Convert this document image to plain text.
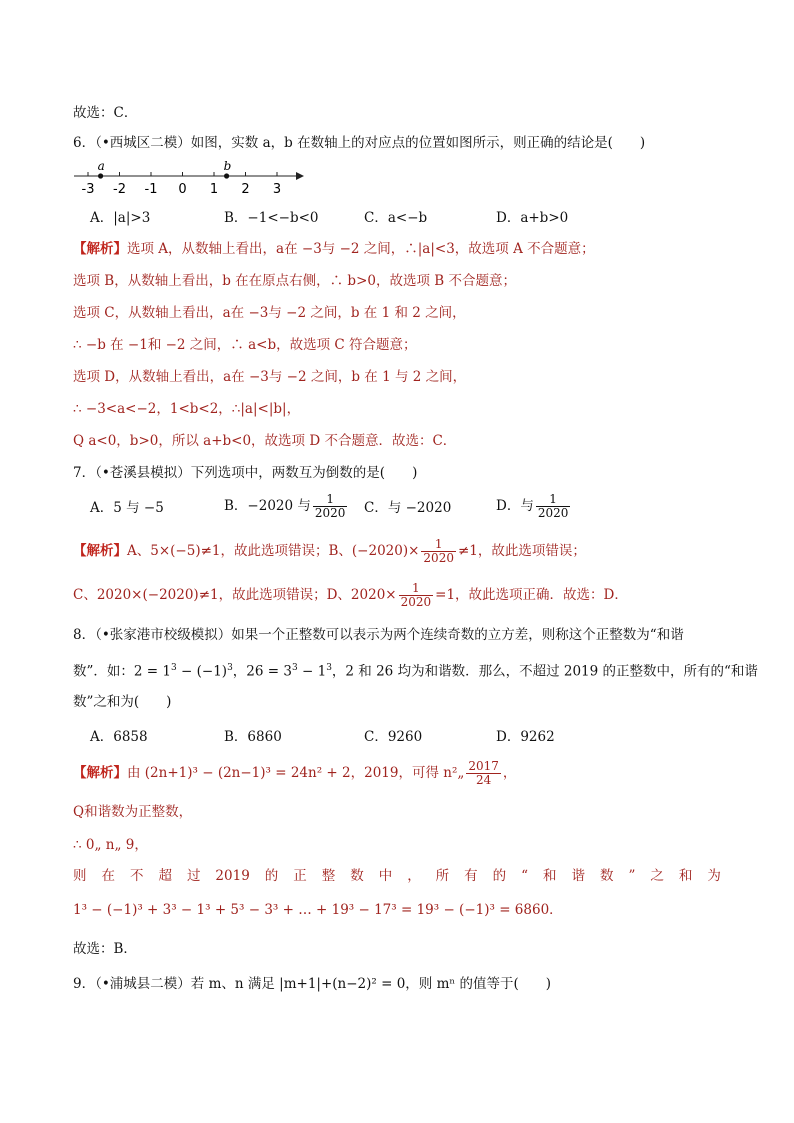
故选：C．
6．（•西城区二模）如图，实数 a，b 在数轴上的对应点的位置如图所示，则正确的结论是(　　)
-3 -2 -1 0 1 2 3
a	b
A．|a|>3	B．−1<−b<0	C．a<−b	D．a+b>0
【解析】选项 A，从数轴上看出，a在 −3与 −2 之间，∴|a|<3，故选项 A 不合题意；
选项 B，从数轴上看出，b 在在原点右侧，∴ b>0，故选项 B 不合题意；
选项 C，从数轴上看出，a在 −3与 −2 之间，b 在 1 和 2 之间，
∴ −b 在 −1和 −2 之间，∴ a<b，故选项 C 符合题意；
选项 D，从数轴上看出，a在 −3与 −2 之间，b 在 1 与 2 之间，
∴ −3<a<−2，1<b<2，∴|a|<|b|，
Q a<0，b>0，所以 a+b<0，故选项 D 不合题意．故选：C．
7．（•苍溪县模拟）下列选项中，两数互为倒数的是(　　)
A．5 与 −5	B．−2020 与 $\frac{1}{2020}$ C．与 −2020	D．与 $\frac{1}{2020}$
【解析】A、5×(−5)≠1，故此选项错误；B、$(-2020)\times \frac{1}{2020} \ne 1$，故此选项错误；
C、2020×(−2020)≠1，故此选项错误；D、$2020\times \frac{1}{2020} =1$，故此选项正确．故选：D．
8．（•张家港市校级模拟）如果一个正整数可以表示为两个连续奇数的立方差，则称这个正整数为“和谐
数”．如：$2 = 1^3 - (-1)^3$，$26 = 3^3 - 1^3$，2 和 26 均为和谐数．那么，不超过 2019 的正整数中，所有的“和谐
数”之和为(　　)
A．6858	B．6860	C．9260	D．9262
【解析】由 (2n+1)³ − (2n−1)³ = 24n² + 2，2019，可得 n²„ $\frac{2017}{24}$ ，
Q和谐数为正整数，
∴ 0„ n„ 9，
则 在 不 超 过 2019 的 正 整 数 中 ， 所 有 的 “ 和 谐 数 ” 之 和 为
1³ − (−1)³ + 3³ − 1³ + 5³ − 3³ + … + 19³ − 17³ = 19³ − (−1)³ = 6860．
故选：B．
9．（•浦城县二模）若 m、n 满足 |m+1|+(n−2)² = 0，则 mⁿ 的值等于(　　)
